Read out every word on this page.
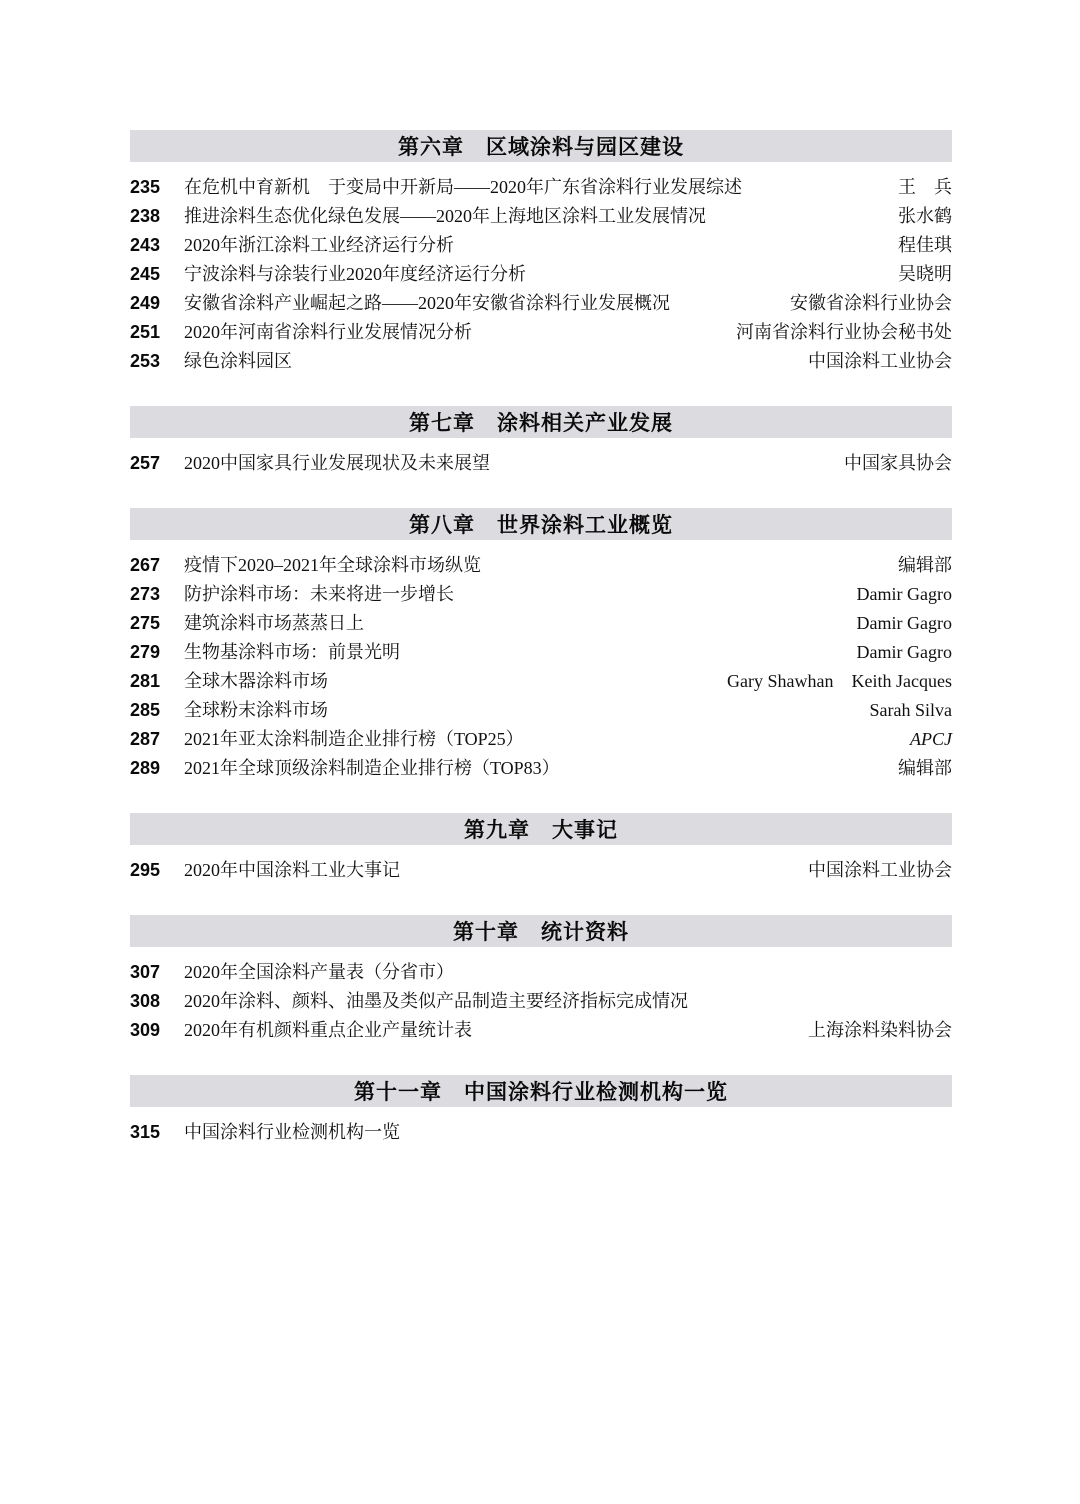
第六章　区域涂料与园区建设
235	在危机中育新机　于变局中开新局——2020年广东省涂料行业发展综述	王　兵
238	推进涂料生态优化绿色发展——2020年上海地区涂料工业发展情况	张水鹤
243	2020年浙江涂料工业经济运行分析	程佳琪
245	宁波涂料与涂装行业2020年度经济运行分析	吴晓明
249	安徽省涂料产业崛起之路——2020年安徽省涂料行业发展概况	安徽省涂料行业协会
251	2020年河南省涂料行业发展情况分析	河南省涂料行业协会秘书处
253	绿色涂料园区	中国涂料工业协会
第七章　涂料相关产业发展
257	2020中国家具行业发展现状及未来展望	中国家具协会
第八章　世界涂料工业概览
267	疫情下2020–2021年全球涂料市场纵览	编辑部
273	防护涂料市场：未来将进一步增长	Damir Gagro
275	建筑涂料市场蒸蒸日上	Damir Gagro
279	生物基涂料市场：前景光明	Damir Gagro
281	全球木器涂料市场	Gary Shawhan　Keith Jacques
285	全球粉末涂料市场	Sarah Silva
287	2021年亚太涂料制造企业排行榜（TOP25）	APCJ
289	2021年全球顶级涂料制造企业排行榜（TOP83）	编辑部
第九章　大事记
295	2020年中国涂料工业大事记	中国涂料工业协会
第十章　统计资料
307	2020年全国涂料产量表（分省市）
308	2020年涂料、颜料、油墨及类似产品制造主要经济指标完成情况
309	2020年有机颜料重点企业产量统计表	上海涂料染料协会
第十一章　中国涂料行业检测机构一览
315	中国涂料行业检测机构一览
